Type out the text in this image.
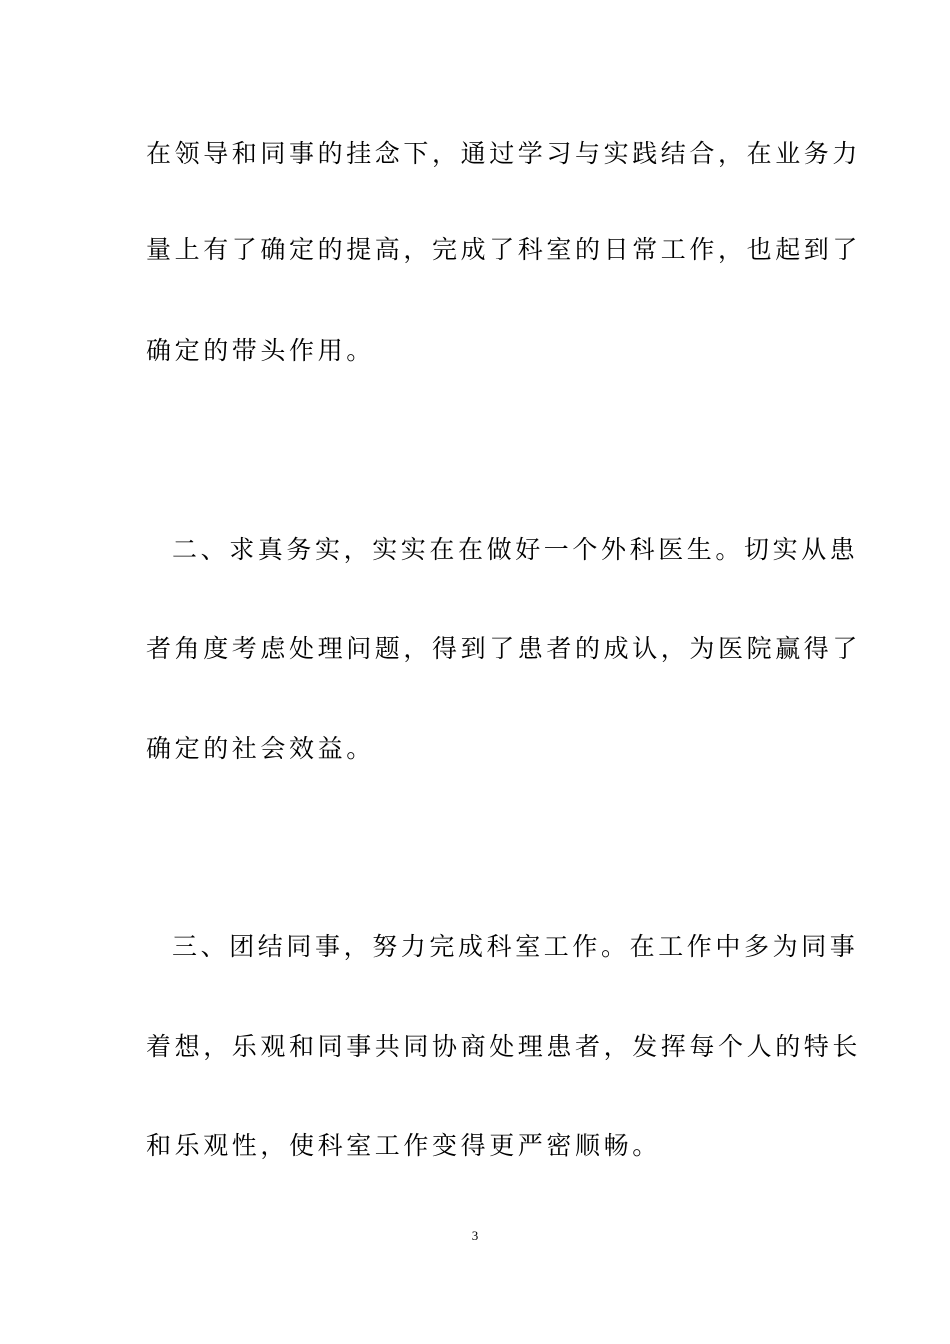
在领导和同事的挂念下，通过学习与实践结合，在业务力
量上有了确定的提高，完成了科室的日常工作，也起到了
确定的带头作用。
二、求真务实，实实在在做好一个外科医生。切实从患
者角度考虑处理问题，得到了患者的成认，为医院赢得了
确定的社会效益。
三、团结同事，努力完成科室工作。在工作中多为同事
着想，乐观和同事共同协商处理患者，发挥每个人的特长
和乐观性，使科室工作变得更严密顺畅。
3
